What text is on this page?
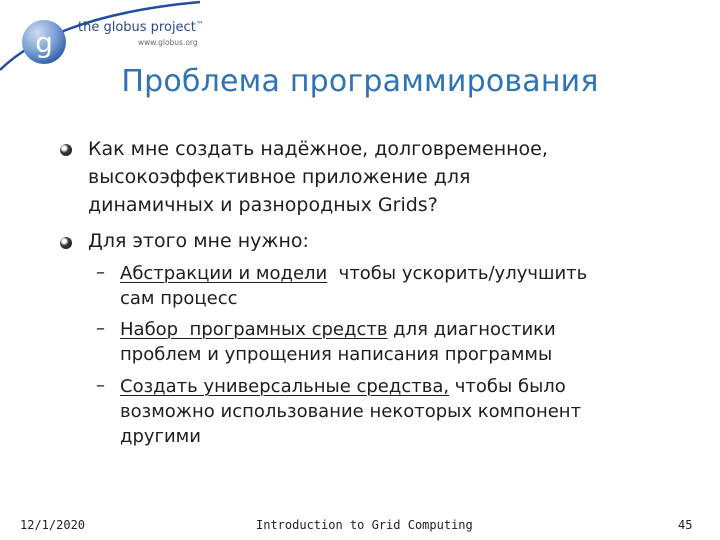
g the globus project™
www.globus.org
Проблема программирования
Как мне создать надёжное, долговременное,
высокоэффективное приложение для
динамичных и разнородных Grids?
Для этого мне нужно:
– Абстракции и модели  чтобы ускорить/улучшить
сам процесс
– Набор  програмных средств для диагностики
проблем и упрощения написания программы
– Создать универсальные средства, чтобы было
возможно использование некоторых компонент
другими
12/1/2020	Introduction to Grid Computing	45
